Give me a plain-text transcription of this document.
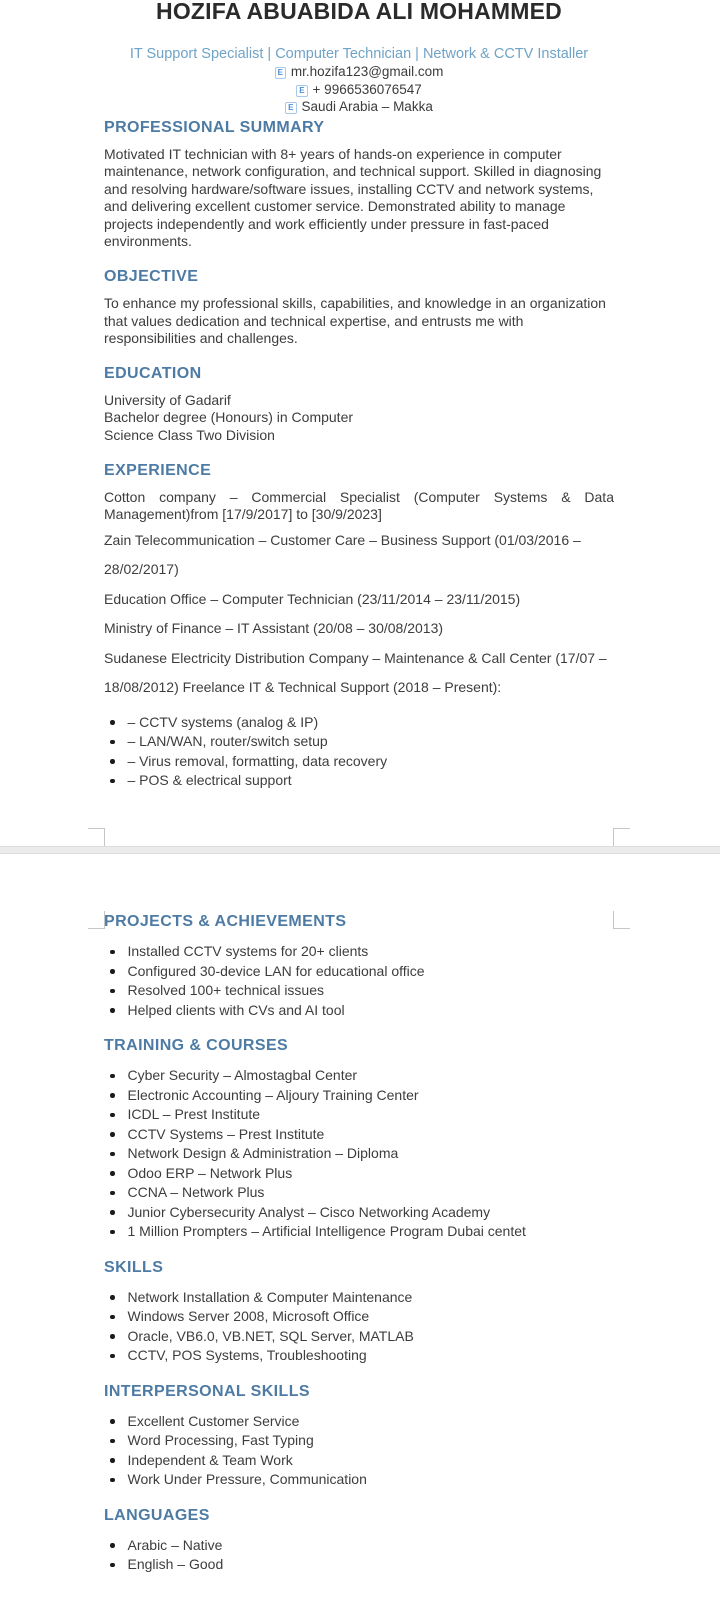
HOZIFA ABUABIDA ALI MOHAMMED
IT Support Specialist | Computer Technician | Network & CCTV Installer
E mr.hozifa123@gmail.com
E + 9966536076547
E Saudi Arabia – Makka
PROFESSIONAL SUMMARY

Motivated IT technician with 8+ years of hands-on experience in computer maintenance, network configuration, and technical support. Skilled in diagnosing and resolving hardware/software issues, installing CCTV and network systems, and delivering excellent customer service. Demonstrated ability to manage projects independently and work efficiently under pressure in fast-paced environments.

OBJECTIVE

To enhance my professional skills, capabilities, and knowledge in an organization that values dedication and technical expertise, and entrusts me with responsibilities and challenges.

EDUCATION
University of Gadarif
Bachelor degree (Honours) in Computer
Science Class Two Division
EXPERIENCE
Cotton company – Commercial Specialist (Computer Systems & Data
Management)from [17/9/2017] to [30/9/2023]
Zain Telecommunication – Customer Care – Business Support (01/03/2016 –
28/02/2017)
Education Office – Computer Technician (23/11/2014 – 23/11/2015)
Ministry of Finance – IT Assistant (20/08 – 30/08/2013)
Sudanese Electricity Distribution Company – Maintenance & Call Center (17/07 –
18/08/2012) Freelance IT & Technical Support (2018 – Present):
– CCTV systems (analog & IP)
– LAN/WAN, router/switch setup
– Virus removal, formatting, data recovery
– POS & electrical support
PROJECTS & ACHIEVEMENTS
Installed CCTV systems for 20+ clients
Configured 30-device LAN for educational office
Resolved 100+ technical issues
Helped clients with CVs and AI tool
TRAINING & COURSES
Cyber Security – Almostagbal Center
Electronic Accounting – Aljoury Training Center
ICDL – Prest Institute
CCTV Systems – Prest Institute
Network Design & Administration – Diploma
Odoo ERP – Network Plus
CCNA – Network Plus
Junior Cybersecurity Analyst – Cisco Networking Academy
1 Million Prompters – Artificial Intelligence Program Dubai centet
SKILLS
Network Installation & Computer Maintenance
Windows Server 2008, Microsoft Office
Oracle, VB6.0, VB.NET, SQL Server, MATLAB
CCTV, POS Systems, Troubleshooting
INTERPERSONAL SKILLS
Excellent Customer Service
Word Processing, Fast Typing
Independent & Team Work
Work Under Pressure, Communication
LANGUAGES
Arabic – Native
English – Good
